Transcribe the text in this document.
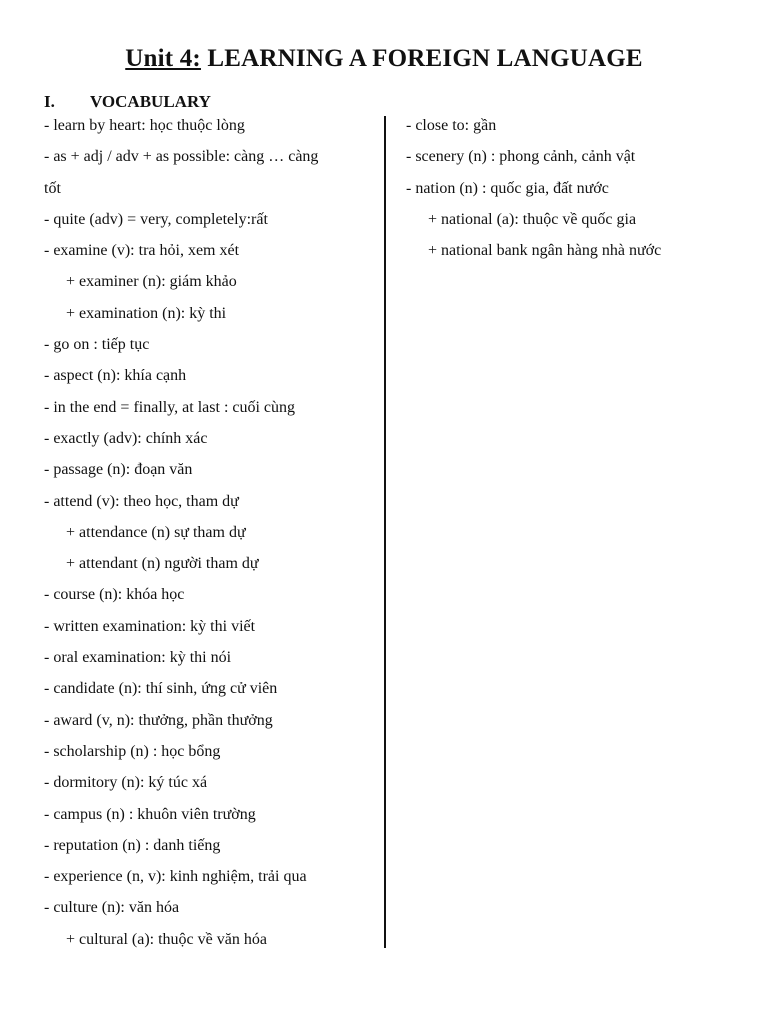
Unit 4: LEARNING A FOREIGN LANGUAGE
I. VOCABULARY
- learn by heart: học thuộc lòng
- as + adj / adv + as possible: càng … càng
tốt
- quite (adv) = very, completely:rất
- examine (v): tra hỏi, xem xét
+ examiner (n): giám khảo
+ examination (n): kỳ thi
- go on : tiếp tục
- aspect (n): khía cạnh
- in the end = finally, at last : cuối cùng
- exactly (adv): chính xác
- passage (n): đoạn văn
- attend (v): theo học, tham dự
+ attendance (n) sự tham dự
+ attendant (n) người tham dự
- course (n): khóa học
- written examination: kỳ thi viết
- oral examination: kỳ thi nói
- candidate (n): thí sinh, ứng cử viên
- award (v, n): thưởng, phần thưởng
- scholarship (n) : học bổng
- dormitory (n): ký túc xá
- campus (n) : khuôn viên trường
- reputation (n) : danh tiếng
- experience (n, v): kinh nghiệm, trải qua
- culture (n): văn hóa
+ cultural (a): thuộc về văn hóa
- close to: gần
- scenery (n) : phong cảnh, cảnh vật
- nation (n) : quốc gia, đất nước
+ national (a): thuộc về quốc gia
+ national bank ngân hàng nhà nước
